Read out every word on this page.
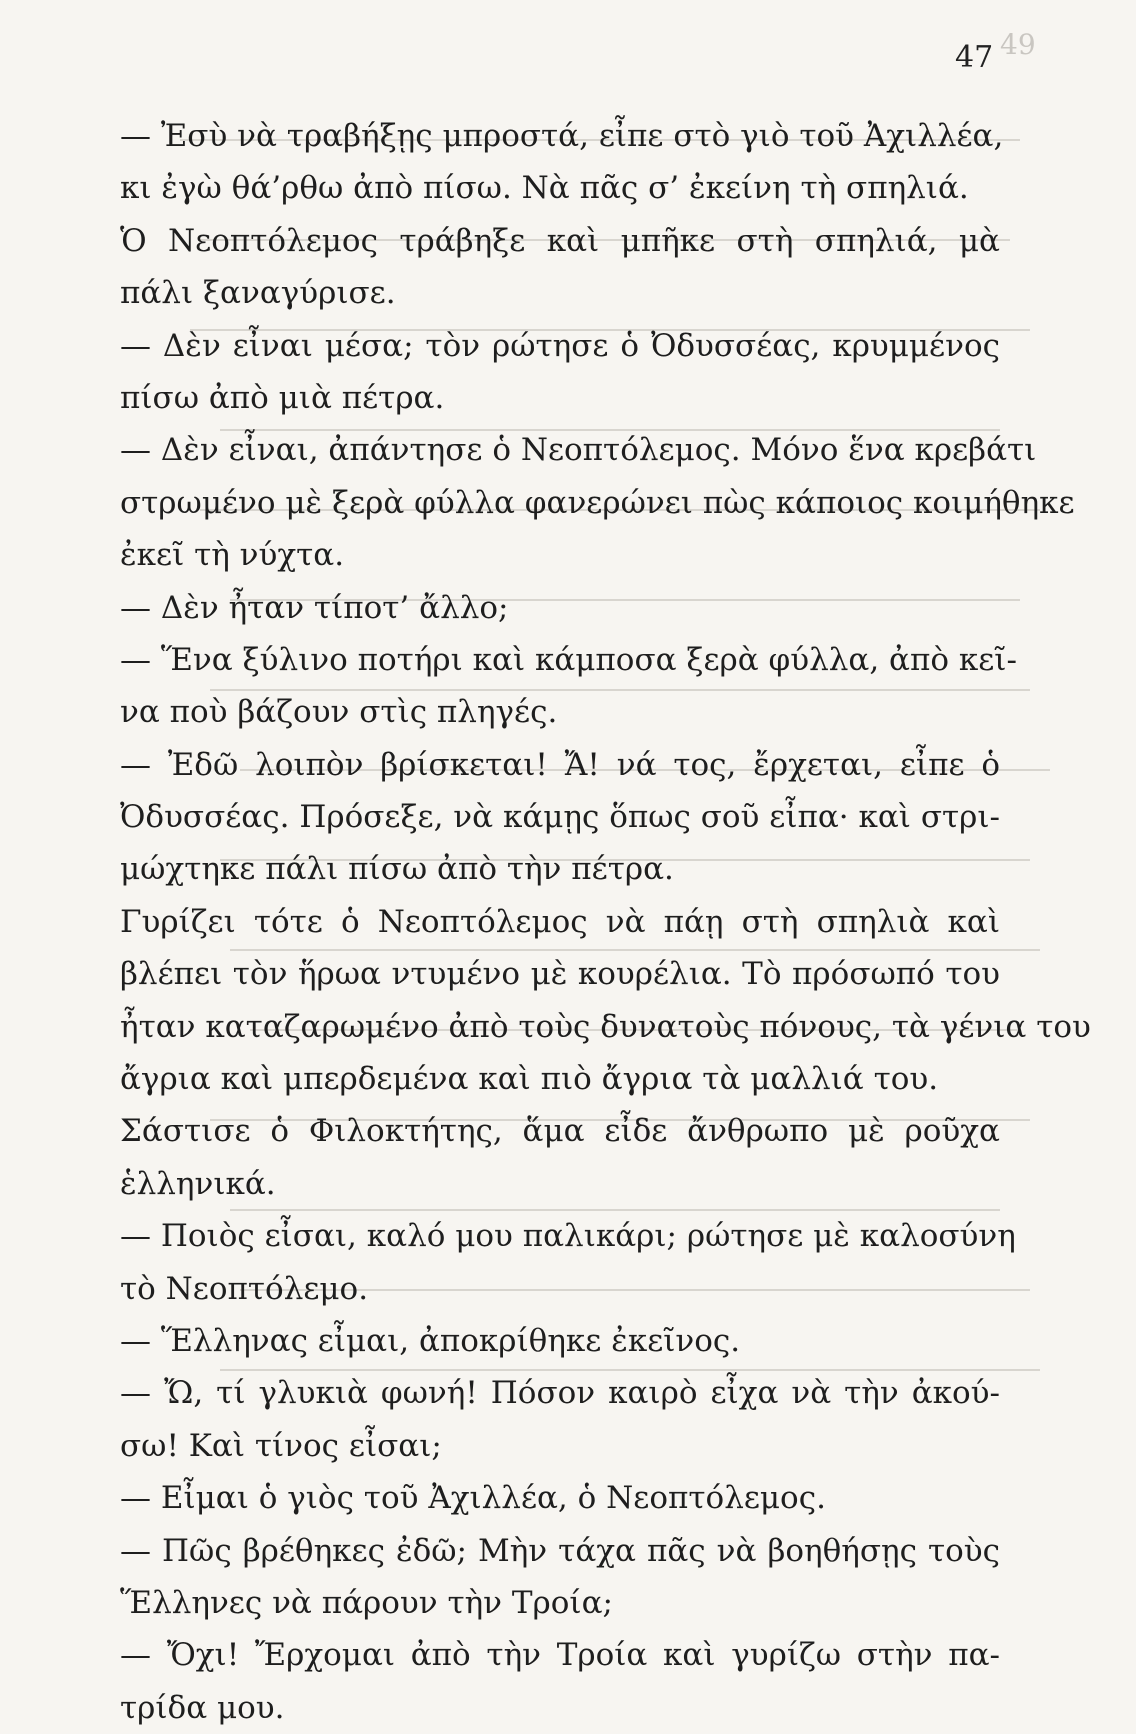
49
47
— Ἐσὺ νὰ τραβήξῃς μπροστά, εἶπε στὸ γιὸ τοῦ Ἀχιλλέα,
κι ἐγὼ θά’ρθω ἀπὸ πίσω. Νὰ πᾶς σ’ ἐκείνη τὴ σπηλιά.
Ὁ Νεοπτόλεμος τράβηξε καὶ μπῆκε στὴ σπηλιά, μὰ
πάλι ξαναγύρισε.
— Δὲν εἶναι μέσα; τὸν ρώτησε ὁ Ὀδυσσέας, κρυμμένος
πίσω ἀπὸ μιὰ πέτρα.
— Δὲν εἶναι, ἀπάντησε ὁ Νεοπτόλεμος. Μόνο ἕνα κρεβάτι
στρωμένο μὲ ξερὰ φύλλα φανερώνει πὼς κάποιος κοιμήθηκε
ἐκεῖ τὴ νύχτα.
— Δὲν ἦταν τίποτ’ ἄλλο;
— Ἕνα ξύλινο ποτήρι καὶ κάμποσα ξερὰ φύλλα, ἀπὸ κεῖ-
να ποὺ βάζουν στὶς πληγές.
— Ἐδῶ λοιπὸν βρίσκεται! Ἄ! νά τος, ἔρχεται, εἶπε ὁ
Ὀδυσσέας. Πρόσεξε, νὰ κάμῃς ὅπως σοῦ εἶπα· καὶ στρι-
μώχτηκε πάλι πίσω ἀπὸ τὴν πέτρα.
Γυρίζει τότε ὁ Νεοπτόλεμος νὰ πάῃ στὴ σπηλιὰ καὶ
βλέπει τὸν ἥρωα ντυμένο μὲ κουρέλια. Τὸ πρόσωπό του
ἦταν καταζαρωμένο ἀπὸ τοὺς δυνατοὺς πόνους, τὰ γένια του
ἄγρια καὶ μπερδεμένα καὶ πιὸ ἄγρια τὰ μαλλιά του.
Σάστισε ὁ Φιλοκτήτης, ἅμα εἶδε ἄνθρωπο μὲ ροῦχα
ἑλληνικά.
— Ποιὸς εἶσαι, καλό μου παλικάρι; ρώτησε μὲ καλοσύνη
τὸ Νεοπτόλεμο.
— Ἕλληνας εἶμαι, ἀποκρίθηκε ἐκεῖνος.
— Ὤ, τί γλυκιὰ φωνή! Πόσον καιρὸ εἶχα νὰ τὴν ἀκού-
σω! Καὶ τίνος εἶσαι;
— Εἶμαι ὁ γιὸς τοῦ Ἀχιλλέα, ὁ Νεοπτόλεμος.
— Πῶς βρέθηκες ἐδῶ; Μὴν τάχα πᾶς νὰ βοηθήσῃς τοὺς
Ἕλληνες νὰ πάρουν τὴν Τροία;
— Ὄχι! Ἔρχομαι ἀπὸ τὴν Τροία καὶ γυρίζω στὴν πα-
τρίδα μου.
